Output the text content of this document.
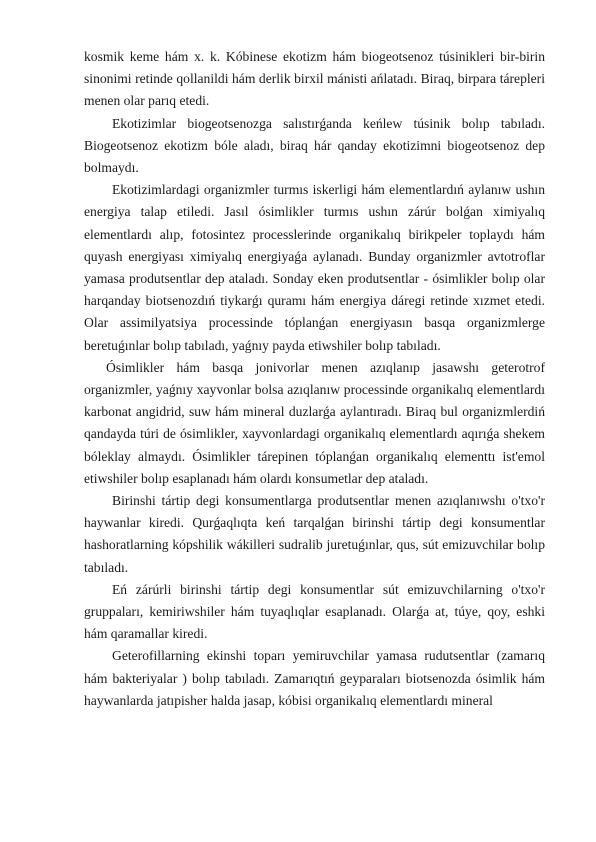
kosmik keme hám x. k. Kóbinese ekotizm hám biogeotsenoz túsinikleri bir-birin sinonimi retinde qollanildi hám derlik birxil mánisti ańlatadı. Biraq, birpara tárepleri menen olar parıq etedi.

Ekotizimlar biogeotsenozga salıstırǵanda keńlew túsinik bolıp tabıladı. Biogeotsenoz ekotizm bóle aladı, biraq hár qanday ekotizimni biogeotsenoz dep bolmaydı.

Ekotizimlardagi organizmler turmıs iskerligi hám elementlardıń aylanıw ushın energiya talap etiledi. Jasıl ósimlikler turmıs ushın zárúr bolǵan ximiyalıq elementlardı alıp, fotosintez processlerinde organikalıq birikpeler toplaydı hám quyash energiyası ximiyalıq energiyaǵa aylanadı. Bunday organizmler avtotroflar yamasa produtsentlar dep ataladı. Sonday eken produtsentlar - ósimlikler bolıp olar harqanday biotsenozdıń tiykarǵı quramı hám energiya dáregi retinde xızmet etedi. Olar assimilyatsiya processinde tóplanǵan energiyasın basqa organizmlerge beretuǵınlar bolıp tabıladı, yaǵnıy payda etiwshiler bolıp tabıladı.

Ósimlikler hám basqa jonivorlar menen azıqlanıp jasawshı geterotrof organizmler, yaǵnıy xayvonlar bolsa azıqlanıw processinde organikalıq elementlardı karbonat angidrid, suw hám mineral duzlarǵa aylantıradı. Biraq bul organizmlerdiń qandayda túri de ósimlikler, xayvonlardagi organikalıq elementlardı aqırıǵa shekem bóleklay almaydı. Ósimlikler tárepinen tóplanǵan organikalıq elementtı ist'emol etiwshiler bolıp esaplanadı hám olardı konsumetlar dep ataladı.

Birinshi tártip degi konsumentlarga produtsentlar menen azıqlanıwshı o'txo'r haywanlar kiredi. Qurǵaqlıqta keń tarqalǵan birinshi tártip degi konsumentlar hashoratlarning kópshilik wákilleri sudralib juretuǵınlar, qus, sút emizuvchilar bolıp tabıladı.

Eń zárúrli birinshi tártip degi konsumentlar sút emizuvchilarning o'txo'r gruppaları, kemiriwshiler hám tuyaqlıqlar esaplanadı. Olarǵa at, túye, qoy, eshki hám qaramallar kiredi.

Geterofillarning ekinshi toparı yemiruvchilar yamasa rudutsentlar (zamarıq hám bakteriyalar ) bolıp tabıladı. Zamarıqtıń geyparaları biotsenozda ósimlik hám haywanlarda jatıpisher halda jasap, kóbisi organikalıq elementlardı mineral
